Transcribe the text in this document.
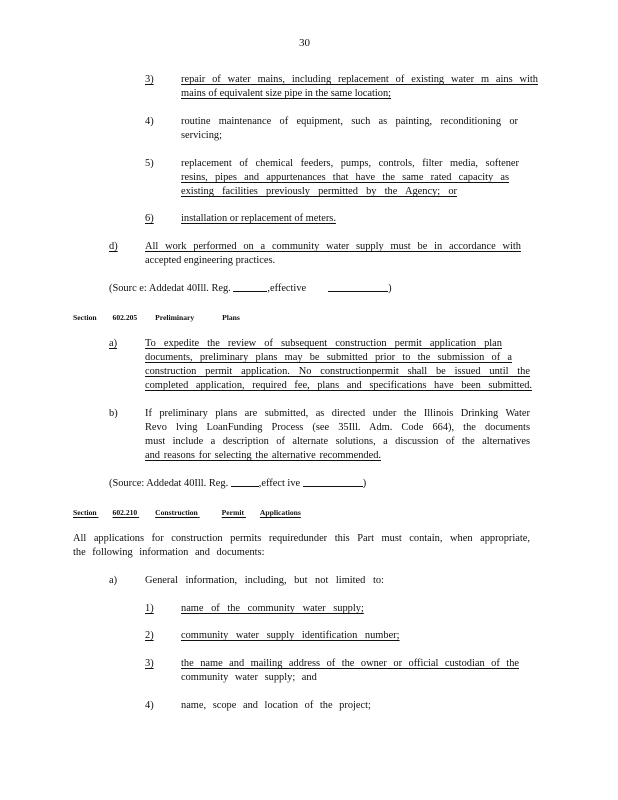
30
3)	repair of water mains, including replacement of existing water m ains with
mains of equivalent size pipe in the same location;
4)	routine maintenance of equipment, such as painting, reconditioning or
servicing;
5)	replacement of chemical feeders, pumps, controls, filter media, softener
resins, pipes and appurtenances that have the same rated capacity as
existing facilities previously permitted by the Agency; or
6)	installation or replacement of meters.
d)	All work performed on a community water supply must be in accordance with
accepted engineering practices.
(Sourc e: Addedat 40Ill. Reg.	,effective	)
Section 602.205 Preliminary	Plans
a)	To expedite the review of subsequent construction permit application plan
documents, preliminary plans may be submitted prior to the submission of a
construction permit application. No constructionpermit shall be issued until the
completed application, required fee, plans and specifications have been submitted.
b)	If preliminary plans are submitted, as directed under the Illinois Drinking Water
Revo lving LoanFunding Process (see 35Ill. Adm. Code 664), the documents
must include a description of alternate solutions, a discussion of the alternatives
and reasons for selecting the alternative recommended.
(Source: Addedat 40Ill. Reg.	,effect ive	)
Section 602.210 Construction	Permit Applications
All applications for construction permits requiredunder this Part must contain, when appropriate,
the following information and documents:
a)	General information, including, but not limited to:
1)	name of the community water supply;
2)	community water supply identification number;
3)	the name and mailing address of the owner or official custodian of the
community water supply; and
4)	name, scope and location of the project;
